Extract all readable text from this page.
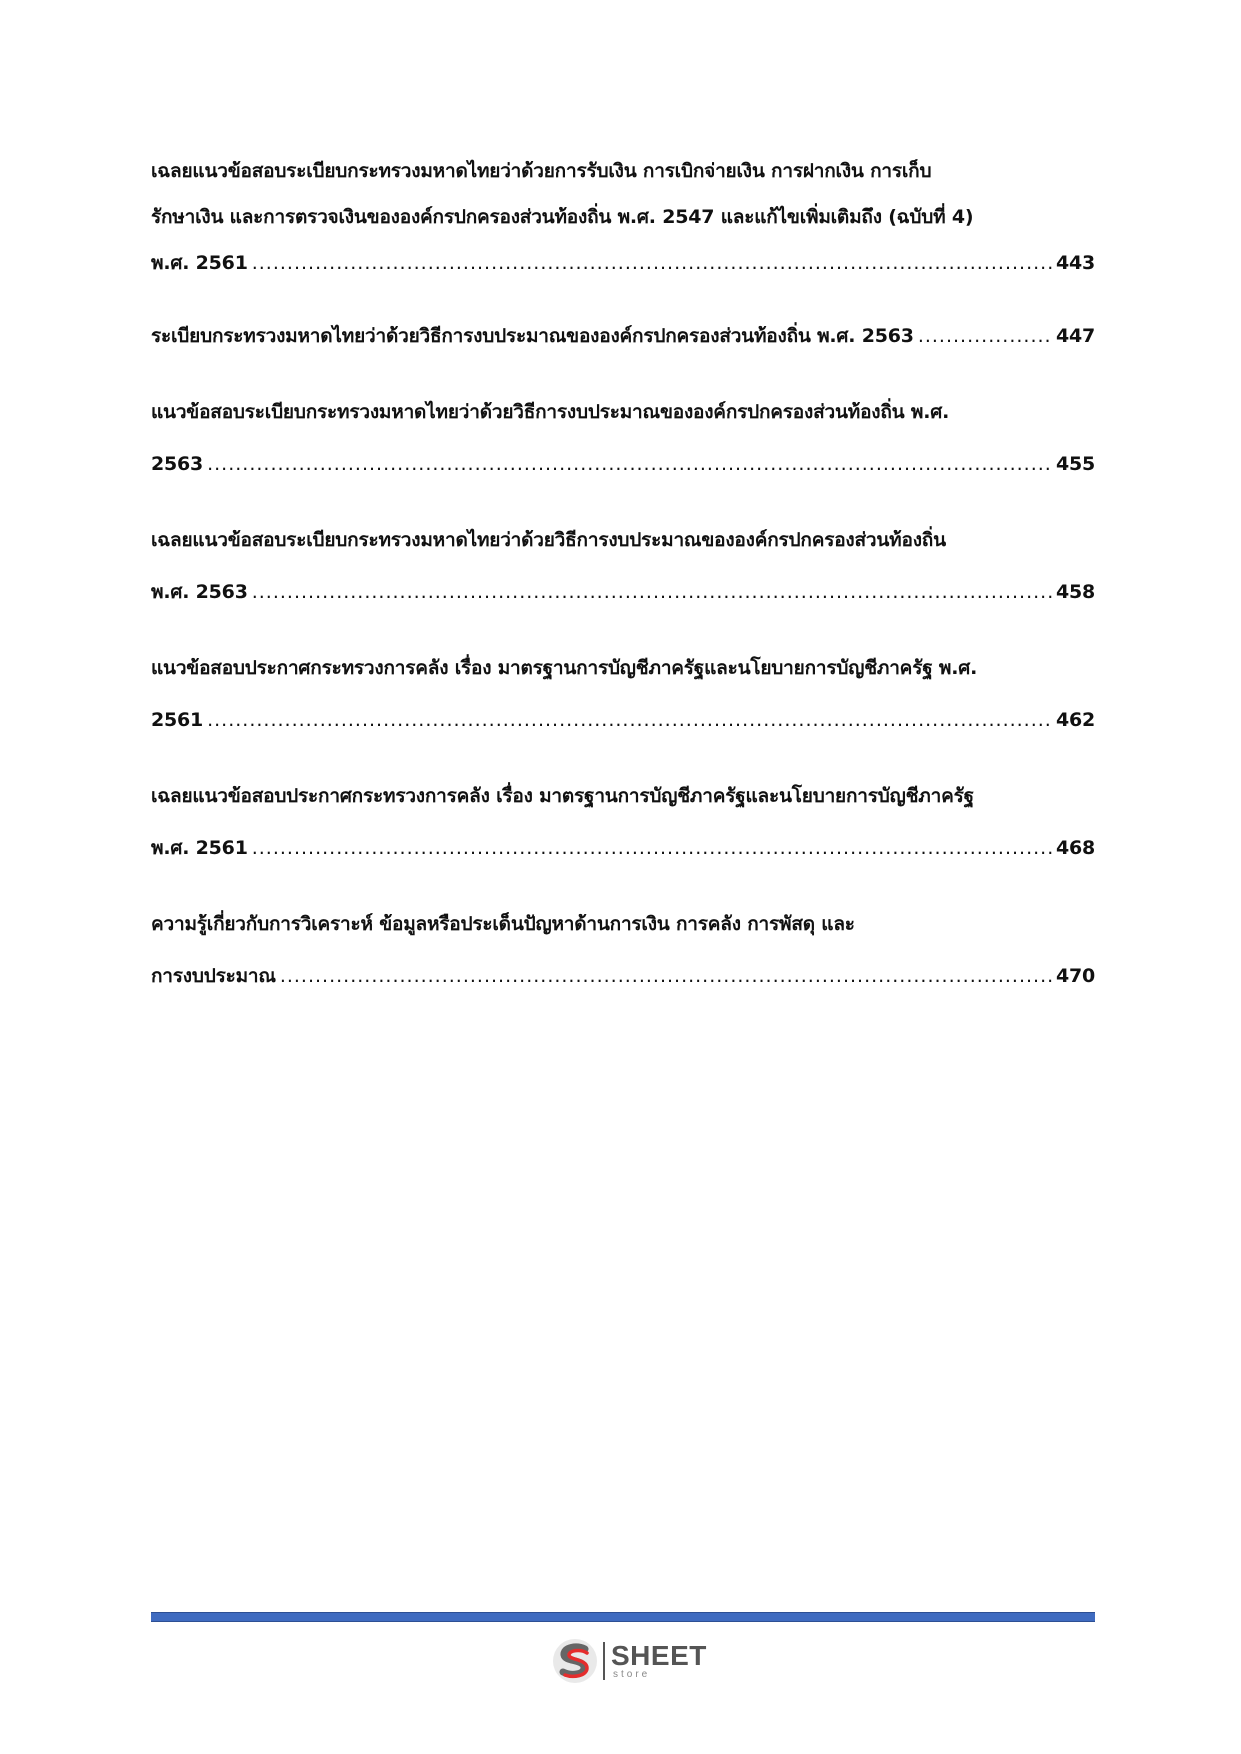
เฉลยแนวข้อสอบระเบียบกระทรวงมหาดไทยว่าด้วยการรับเงิน การเบิกจ่ายเงิน การฝากเงิน การเก็บ
รักษาเงิน และการตรวจเงินขององค์กรปกครองส่วนท้องถิ่น พ.ศ. 2547 และแก้ไขเพิ่มเติมถึง (ฉบับที่ 4)
พ.ศ. 2561 .....	443
ระเบียบกระทรวงมหาดไทยว่าด้วยวิธีการงบประมาณขององค์กรปกครองส่วนท้องถิ่น พ.ศ. 2563 .....	447
แนวข้อสอบระเบียบกระทรวงมหาดไทยว่าด้วยวิธีการงบประมาณขององค์กรปกครองส่วนท้องถิ่น พ.ศ.
2563 .....	455
เฉลยแนวข้อสอบระเบียบกระทรวงมหาดไทยว่าด้วยวิธีการงบประมาณขององค์กรปกครองส่วนท้องถิ่น
พ.ศ. 2563 .....	458
แนวข้อสอบประกาศกระทรวงการคลัง เรื่อง มาตรฐานการบัญชีภาครัฐและนโยบายการบัญชีภาครัฐ พ.ศ.
2561 .....	462
เฉลยแนวข้อสอบประกาศกระทรวงการคลัง เรื่อง มาตรฐานการบัญชีภาครัฐและนโยบายการบัญชีภาครัฐ
พ.ศ. 2561 .....	468
ความรู้เกี่ยวกับการวิเคราะห์ ข้อมูลหรือประเด็นปัญหาด้านการเงิน การคลัง การพัสดุ และ
การงบประมาณ .....	470
SHEET
store
